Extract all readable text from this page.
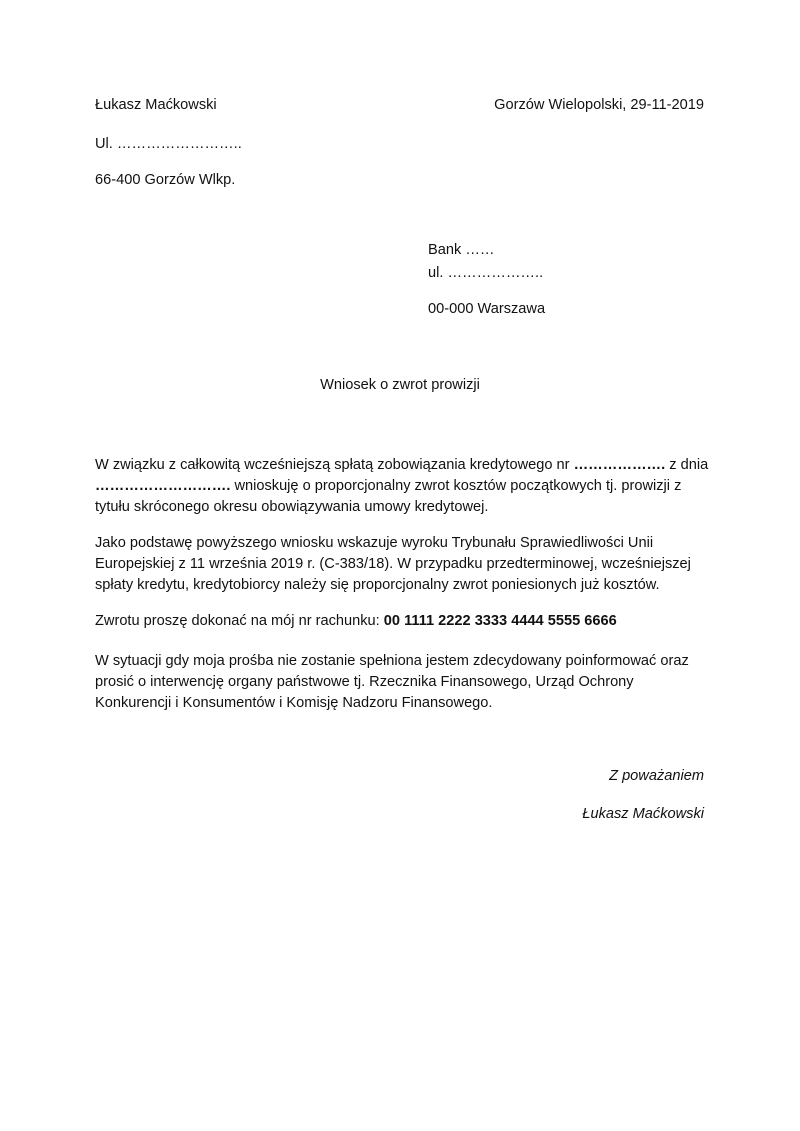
Łukasz Maćkowski
Ul. ……………………..
66-400 Gorzów Wlkp.
Gorzów Wielopolski, 29-11-2019
Bank ……
ul. ………………..
00-000 Warszawa
Wniosek o zwrot prowizji
W związku z całkowitą wcześniejszą spłatą zobowiązania kredytowego nr ………………. z dnia
………………………. wnioskuję o proporcjonalny zwrot kosztów początkowych tj. prowizji z
tytułu skróconego okresu obowiązywania umowy kredytowej.
Jako podstawę powyższego wniosku wskazuje wyroku Trybunału Sprawiedliwości Unii
Europejskiej z 11 września 2019 r. (C-383/18). W przypadku przedterminowej, wcześniejszej
spłaty kredytu, kredytobiorcy należy się proporcjonalny zwrot poniesionych już kosztów.
Zwrotu proszę dokonać na mój nr rachunku: 00 1111 2222 3333 4444 5555 6666
W sytuacji gdy moja prośba nie zostanie spełniona jestem zdecydowany poinformować oraz
prosić o interwencję organy państwowe tj. Rzecznika Finansowego, Urząd Ochrony
Konkurencji i Konsumentów i Komisję Nadzoru Finansowego.
Z poważaniem
Łukasz Maćkowski
